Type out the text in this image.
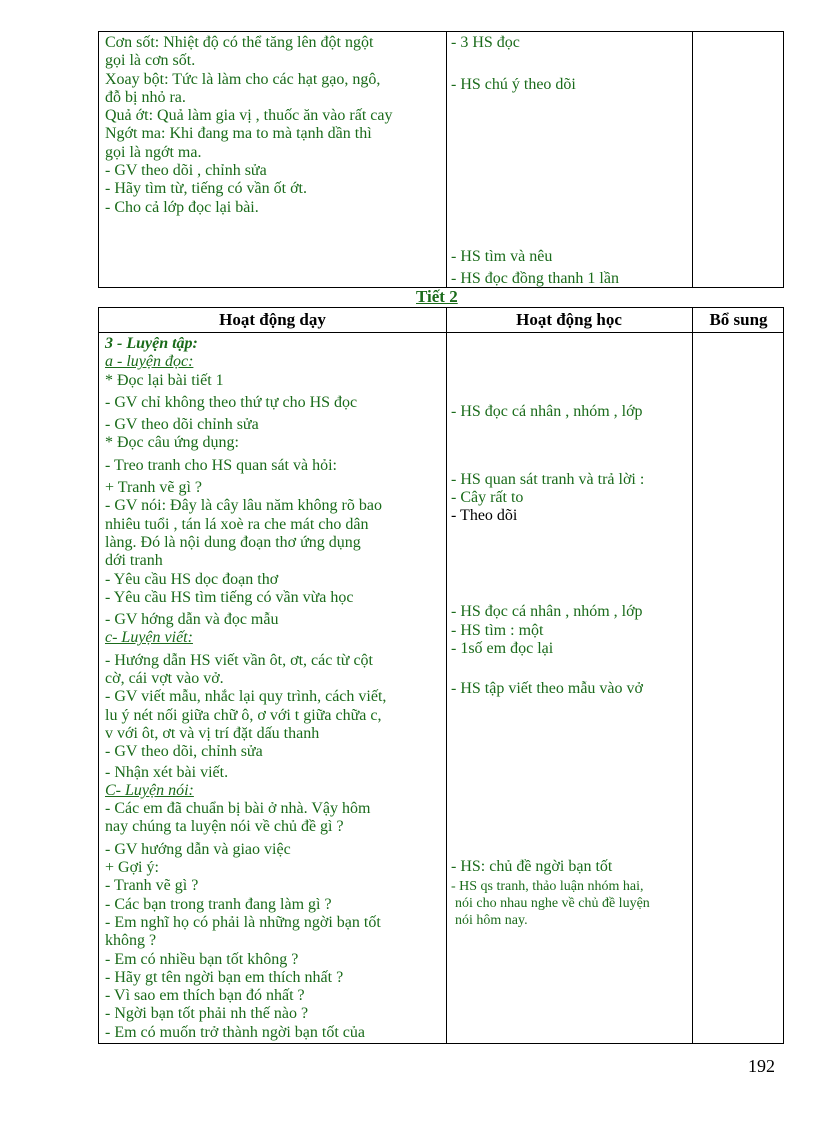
Cơn sốt: Nhiệt độ có thể tăng lên đột ngột

gọi là cơn sốt.

Xoay bột: Tức là làm cho các hạt gạo, ngô,

đỗ bị nhỏ ra.

Quả ớt: Quả làm gia vị , thuốc ăn vào rất cay

Ngớt ma: Khi đang ma to mà tạnh dần thì

gọi là ngớt ma.

- GV theo dõi , chỉnh sửa

- Hãy tìm từ, tiếng có vần ốt ớt.

- Cho cả lớp đọc lại bài.

- 3 HS đọc
- HS chú ý theo dõi
- HS tìm và nêu
- HS đọc đồng thanh 1 lần
Tiết 2
Hoạt động dạy	Hoạt động học	Bổ sung

3 - Luyện tập:

a - luyện đọc:

* Đọc lại bài tiết 1

- GV chỉ không theo thứ tự cho HS đọc

- GV theo dõi chỉnh sửa

* Đọc câu ứng dụng:

- Treo tranh cho HS quan sát và hỏi:

+ Tranh vẽ gì ?

- GV nói: Đây là cây lâu năm không rõ bao

nhiêu tuổi , tán lá xoè ra che mát cho dân

làng. Đó là nội dung đoạn thơ ứng dụng

dới tranh

- Yêu cầu HS dọc đoạn thơ

- Yêu cầu HS tìm tiếng có vần vừa học

- GV hớng dẫn và đọc mẫu

c- Luyện viết:

- Hướng dẫn HS viết vần ôt, ơt, các từ cột

cờ, cái vợt vào vở.

- GV viết mẫu, nhắc lại quy trình, cách viết,

lu ý nét nối giữa chữ ô, ơ với t giữa chữa c,

v với ôt, ơt và vị trí đặt dấu thanh

- GV theo dõi, chỉnh sửa

- Nhận xét bài viết.

C- Luyện nói:

- Các em đã chuẩn bị bài ở nhà. Vậy hôm

nay chúng ta luyện nói về chủ đề gì ?

- GV hướng dẫn và giao việc

+ Gợi ý:

- Tranh vẽ gì ?

- Các bạn trong tranh đang làm gì ?

- Em nghĩ họ có phải là những ngời bạn tốt

không ?

- Em có nhiều bạn tốt không ?

- Hãy gt tên ngời bạn em thích nhất ?

- Vì sao em thích bạn đó nhất ?

- Ngời bạn tốt phải nh thế nào ?

- Em có muốn trở thành ngời bạn tốt của

- HS đọc cá nhân , nhóm , lớp
- HS quan sát tranh và trả lời :
- Cây rất to
- Theo dõi
- HS đọc cá nhân , nhóm , lớp
- HS tìm : một
- 1số em đọc lại
- HS tập viết theo mẫu vào vở
- HS: chủ đề ngời bạn tốt
- HS qs tranh, thảo luận nhóm hai,
nói cho nhau nghe về chủ đề luyện
nói hôm nay.
192
